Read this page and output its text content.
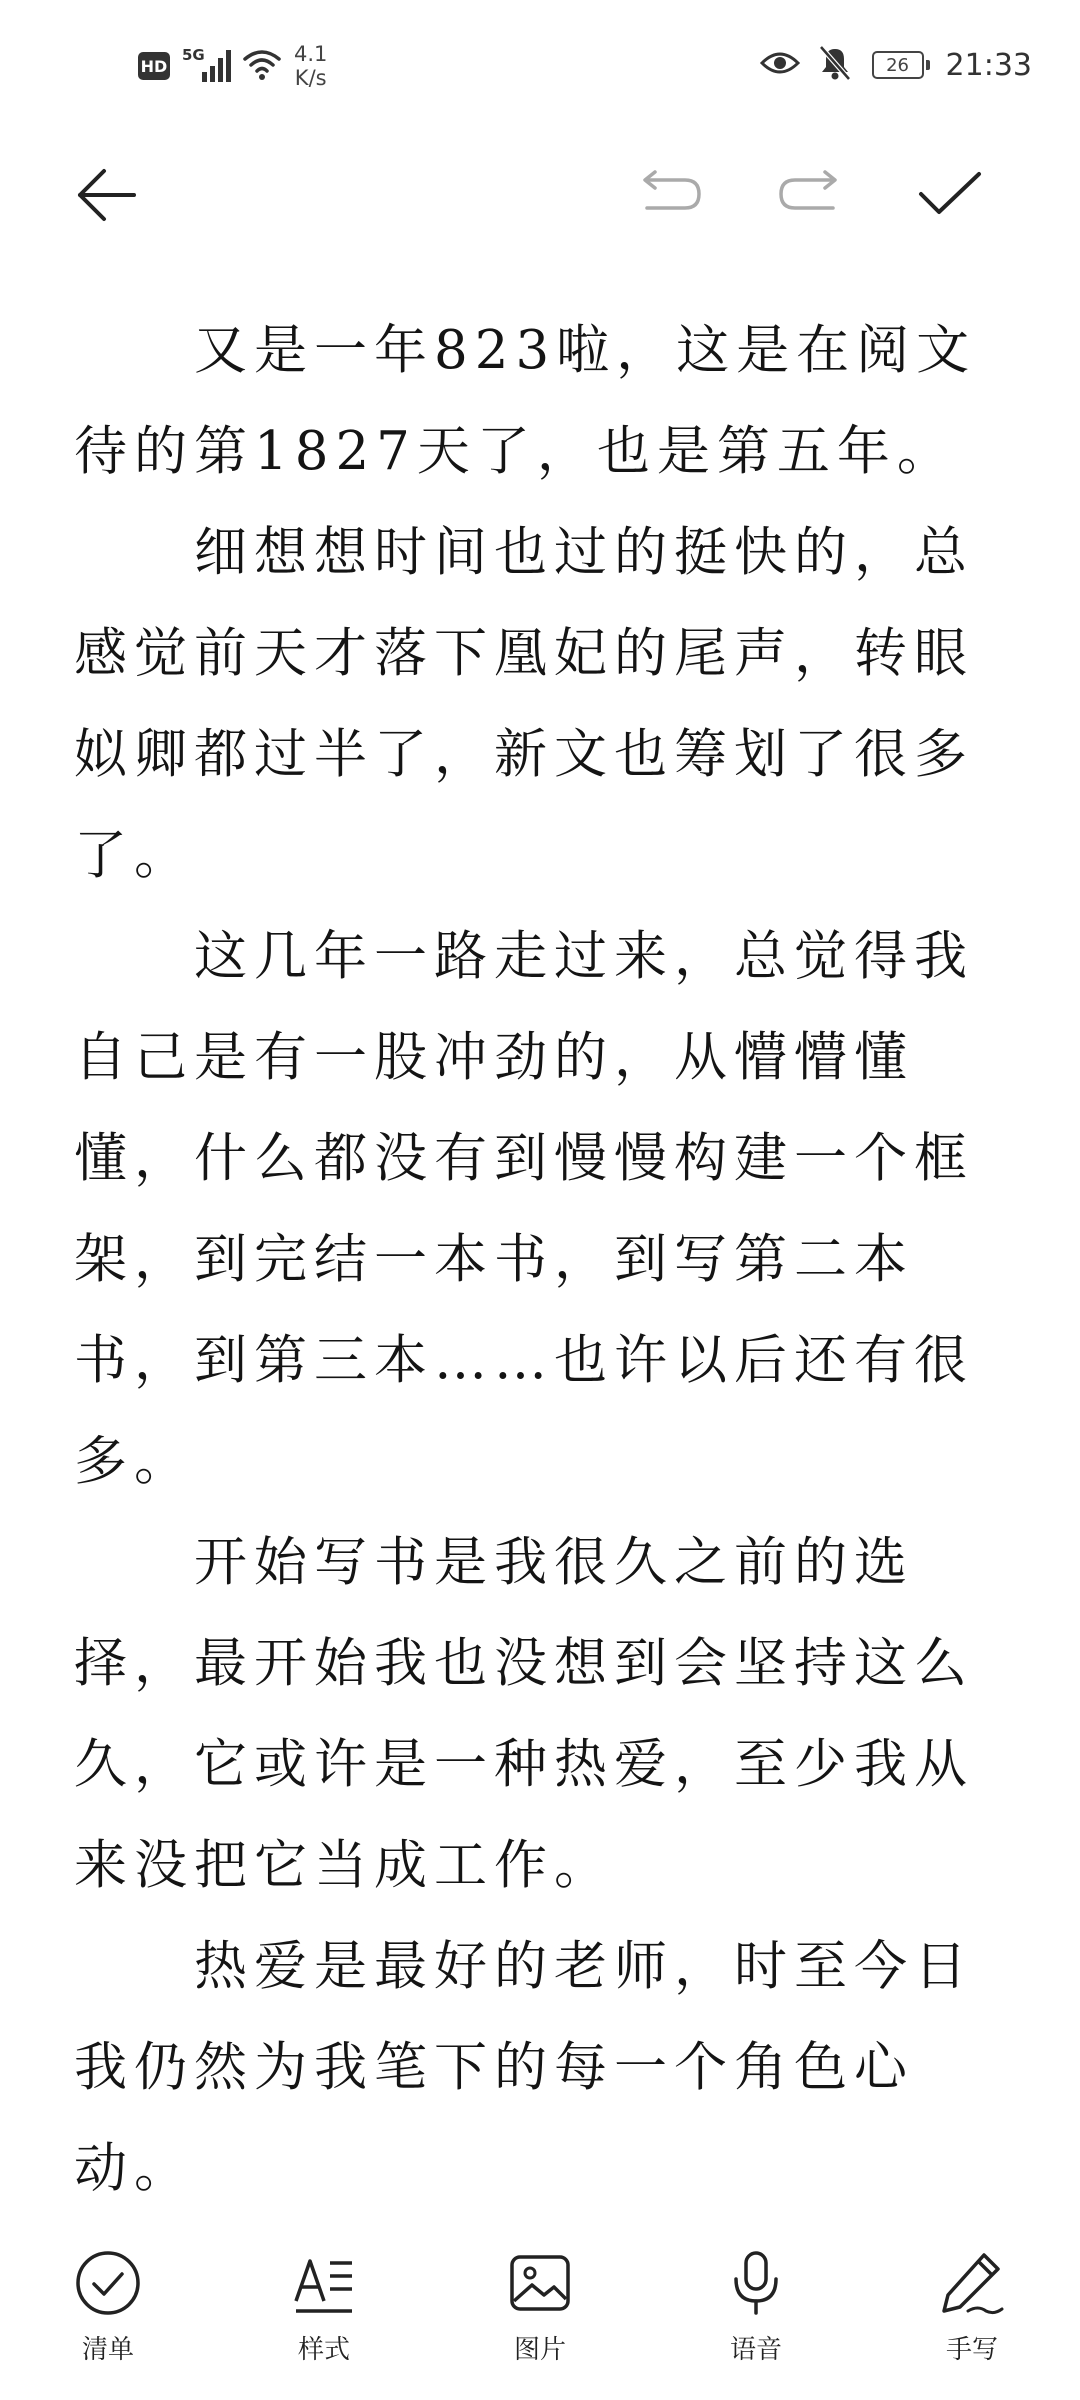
HD
5G	4.1
K/s
26	21:33

又是一年823啦，这是在阅文待的第1827天了，也是第五年。

细想想时间也过的挺快的，总感觉前天才落下凰妃的尾声，转眼姒卿都过半了，新文也筹划了很多了。

这几年一路走过来，总觉得我自己是有一股冲劲的，从懵懵懂懂，什么都没有到慢慢构建一个框架，到完结一本书，到写第二本书，到第三本……也许以后还有很多。

开始写书是我很久之前的选择，最开始我也没想到会坚持这么久，它或许是一种热爱，至少我从来没把它当成工作。

热爱是最好的老师，时至今日我仍然为我笔下的每一个角色心动。

清单	样式	图片	语音	手写
